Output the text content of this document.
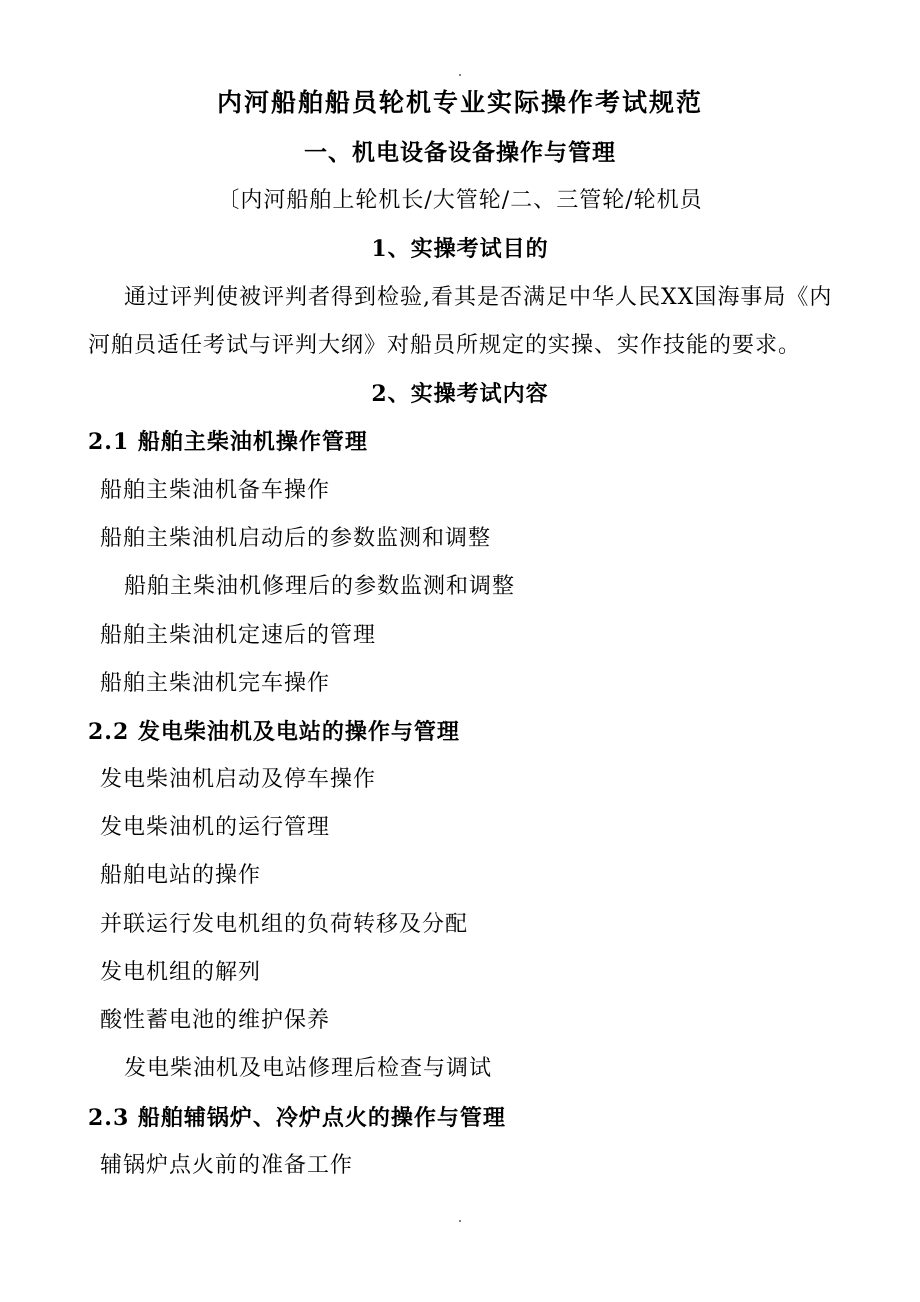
内河船舶船员轮机专业实际操作考试规范
一、机电设备设备操作与管理
〔内河船舶上轮机长/大管轮/二、三管轮/轮机员
1、实操考试目的
通过评判使被评判者得到检验,看其是否满足中华人民XX国海事局《内
河舶员适任考试与评判大纲》对船员所规定的实操、实作技能的要求。
2、实操考试内容
2.1 船舶主柴油机操作管理
船舶主柴油机备车操作
船舶主柴油机启动后的参数监测和调整
船舶主柴油机修理后的参数监测和调整
船舶主柴油机定速后的管理
船舶主柴油机完车操作
2.2 发电柴油机及电站的操作与管理
发电柴油机启动及停车操作
发电柴油机的运行管理
船舶电站的操作
并联运行发电机组的负荷转移及分配
发电机组的解列
酸性蓄电池的维护保养
发电柴油机及电站修理后检查与调试
2.3 船舶辅锅炉、冷炉点火的操作与管理
辅锅炉点火前的准备工作
